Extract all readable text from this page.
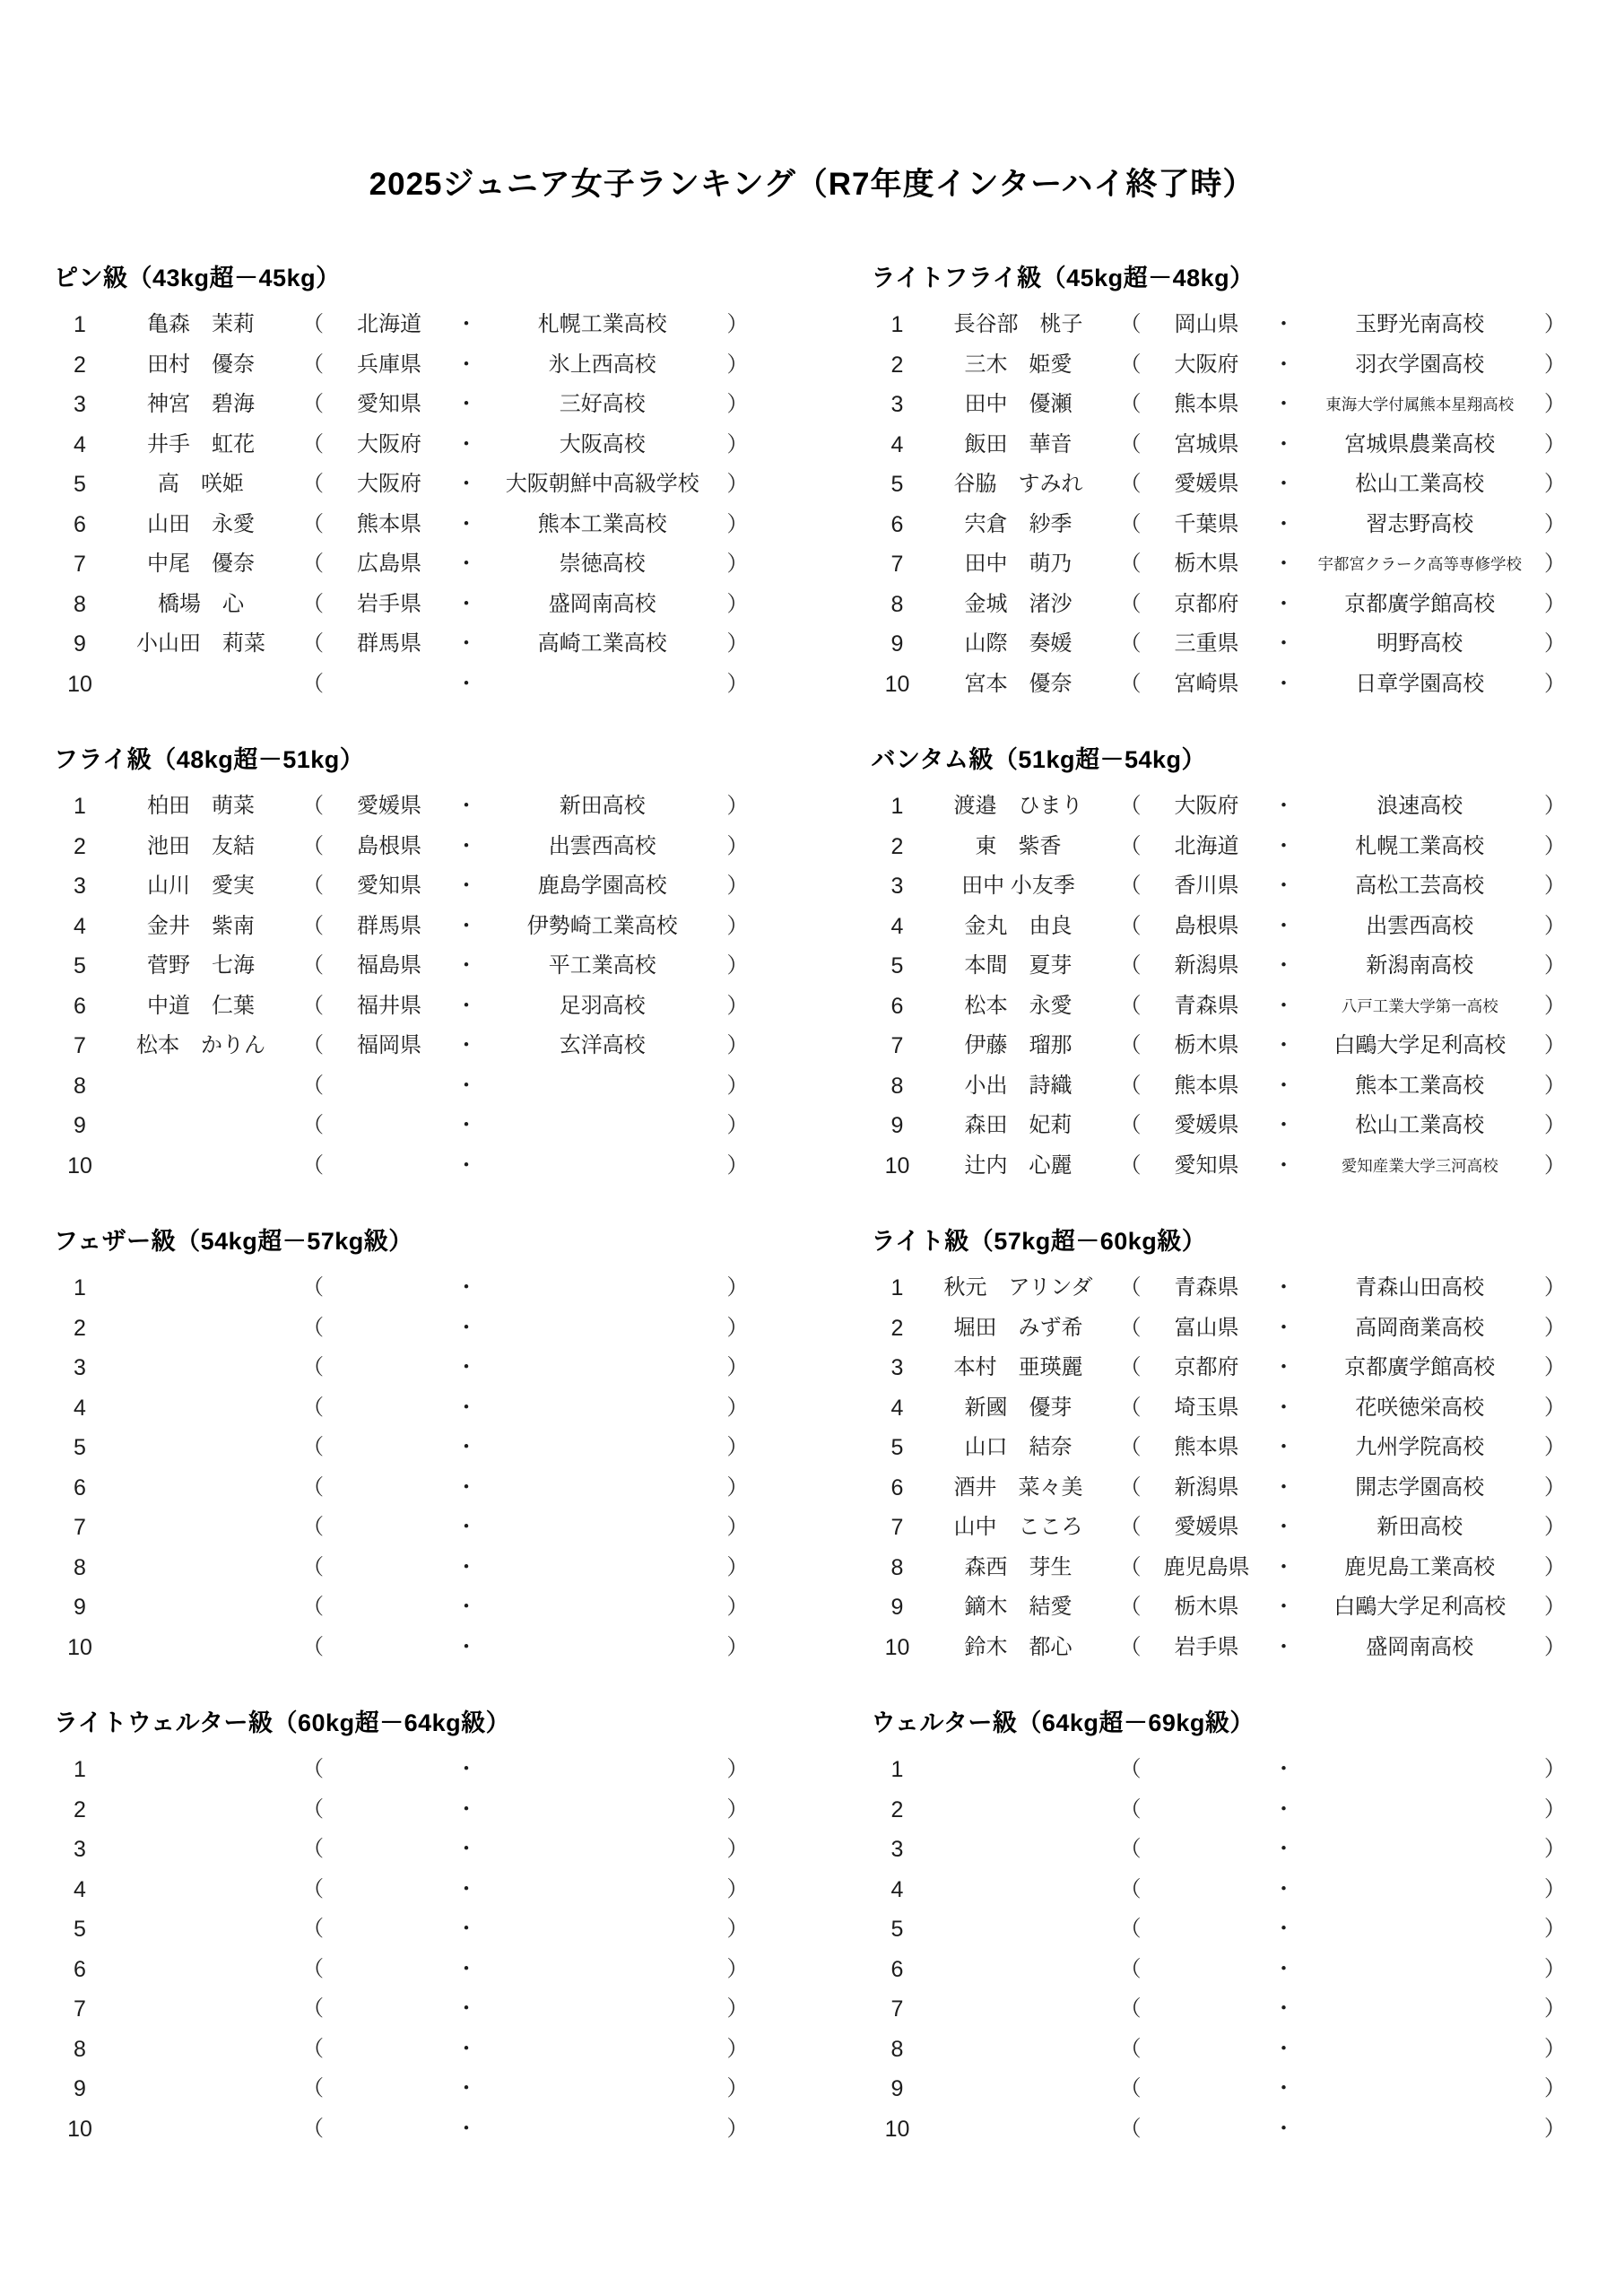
2025ジュニア女子ランキング（R7年度インターハイ終了時）
ピン級（43kg超－45kg）
1	亀森　茉莉	（	北海道	・	札幌工業高校	）
2	田村　優奈	（	兵庫県	・	氷上西高校	）
3	神宮　碧海	（	愛知県	・	三好高校	）
4	井手　虹花	（	大阪府	・	大阪高校	）
5	高　咲姫	（	大阪府	・	大阪朝鮮中高級学校	）
6	山田　永愛	（	熊本県	・	熊本工業高校	）
7	中尾　優奈	（	広島県	・	崇徳高校	）
8	橋場　心	（	岩手県	・	盛岡南高校	）
9	小山田　莉菜	（	群馬県	・	高崎工業高校	）
10	（	・	）
ライトフライ級（45kg超－48kg）
1	長谷部　桃子	（	岡山県	・	玉野光南高校	）
2	三木　姫愛	（	大阪府	・	羽衣学園高校	）
3	田中　優瀬	（	熊本県	・	東海大学付属熊本星翔高校	）
4	飯田　華音	（	宮城県	・	宮城県農業高校	）
5	谷脇　すみれ	（	愛媛県	・	松山工業高校	）
6	宍倉　紗季	（	千葉県	・	習志野高校	）
7	田中　萌乃	（	栃木県	・	宇都宮クラーク高等専修学校	）
8	金城　渚沙	（	京都府	・	京都廣学館高校	）
9	山際　奏媛	（	三重県	・	明野高校	）
10	宮本　優奈	（	宮崎県	・	日章学園高校	）
フライ級（48kg超－51kg）
1	柏田　萌菜	（	愛媛県	・	新田高校	）
2	池田　友結	（	島根県	・	出雲西高校	）
3	山川　愛実	（	愛知県	・	鹿島学園高校	）
4	金井　紫南	（	群馬県	・	伊勢崎工業高校	）
5	菅野　七海	（	福島県	・	平工業高校	）
6	中道　仁葉	（	福井県	・	足羽高校	）
7	松本　かりん	（	福岡県	・	玄洋高校	）
8	（	・	）
9	（	・	）
10	（	・	）
バンタム級（51kg超－54kg）
1	渡邉　ひまり	（	大阪府	・	浪速高校	）
2	東　紫香	（	北海道	・	札幌工業高校	）
3	田中 小友季	（	香川県	・	高松工芸高校	）
4	金丸　由良	（	島根県	・	出雲西高校	）
5	本間　夏芽	（	新潟県	・	新潟南高校	）
6	松本　永愛	（	青森県	・	八戸工業大学第一高校	）
7	伊藤　瑠那	（	栃木県	・	白鷗大学足利高校	）
8	小出　詩織	（	熊本県	・	熊本工業高校	）
9	森田　妃莉	（	愛媛県	・	松山工業高校	）
10	辻内　心麗	（	愛知県	・	愛知産業大学三河高校	）
フェザー級（54kg超－57kg級）
1	（	・	）
2	（	・	）
3	（	・	）
4	（	・	）
5	（	・	）
6	（	・	）
7	（	・	）
8	（	・	）
9	（	・	）
10	（	・	）
ライト級（57kg超－60kg級）
1	秋元　アリンダ	（	青森県	・	青森山田高校	）
2	堀田　みず希	（	富山県	・	高岡商業高校	）
3	本村　亜瑛麗	（	京都府	・	京都廣学館高校	）
4	新國　優芽	（	埼玉県	・	花咲徳栄高校	）
5	山口　結奈	（	熊本県	・	九州学院高校	）
6	酒井　菜々美	（	新潟県	・	開志学園高校	）
7	山中　こころ	（	愛媛県	・	新田高校	）
8	森西　芽生	（	鹿児島県	・	鹿児島工業高校	）
9	鏑木　結愛	（	栃木県	・	白鷗大学足利高校	）
10	鈴木　都心	（	岩手県	・	盛岡南高校	）
ライトウェルター級（60kg超－64kg級）
1	（	・	）
2	（	・	）
3	（	・	）
4	（	・	）
5	（	・	）
6	（	・	）
7	（	・	）
8	（	・	）
9	（	・	）
10	（	・	）
ウェルター級（64kg超－69kg級）
1	（	・	）
2	（	・	）
3	（	・	）
4	（	・	）
5	（	・	）
6	（	・	）
7	（	・	）
8	（	・	）
9	（	・	）
10	（	・	）
